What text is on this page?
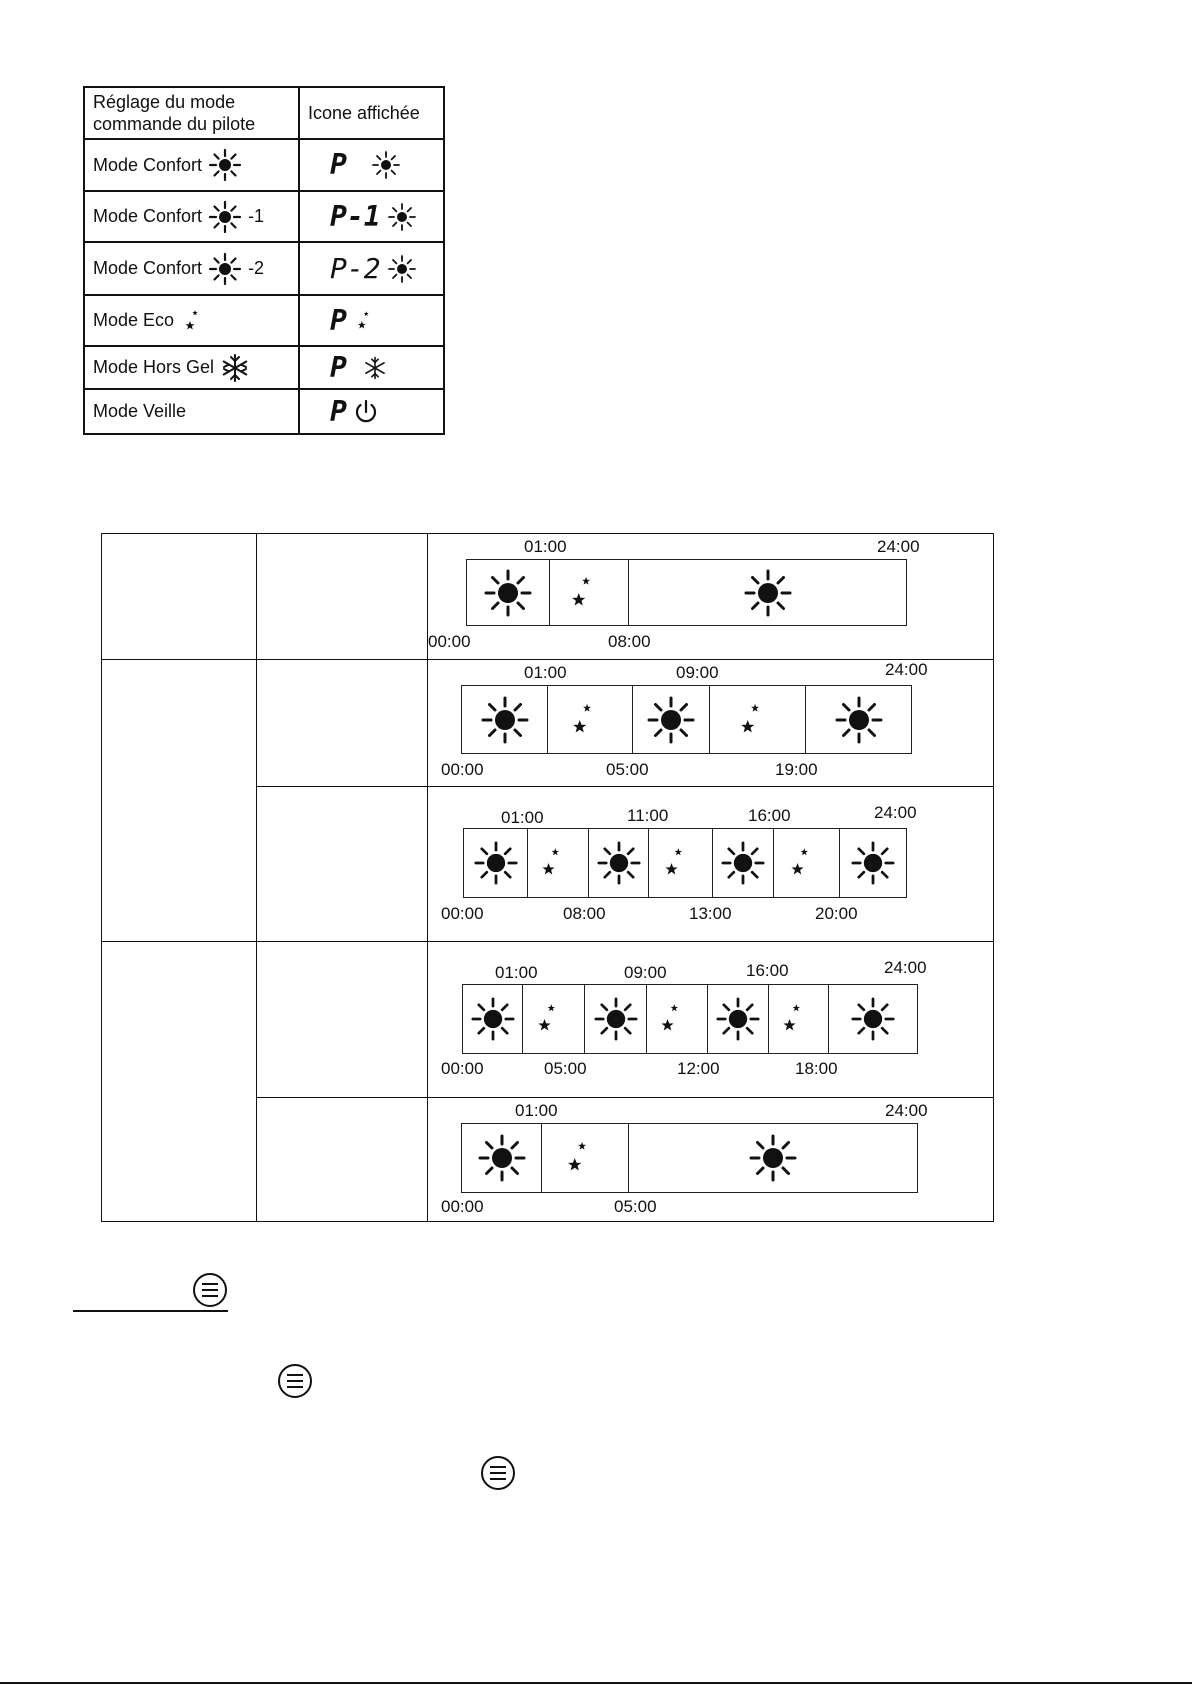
Réglage du mode commande du pilote	Icone affichée

Mode Confort	P

Mode Confort -1	P-1

Mode Confort -2	P-2

Mode Eco	P

Mode Hors Gel	P

Mode Veille	P
01:00	24:00
00:00	08:00
01:00	09:00	24:00
00:00	05:00	19:00
01:00	11:00	16:00	24:00
00:00	08:00	13:00	20:00
01:00	09:00	16:00	24:00
00:00	05:00	12:00	18:00
01:00	24:00
00:00	05:00
